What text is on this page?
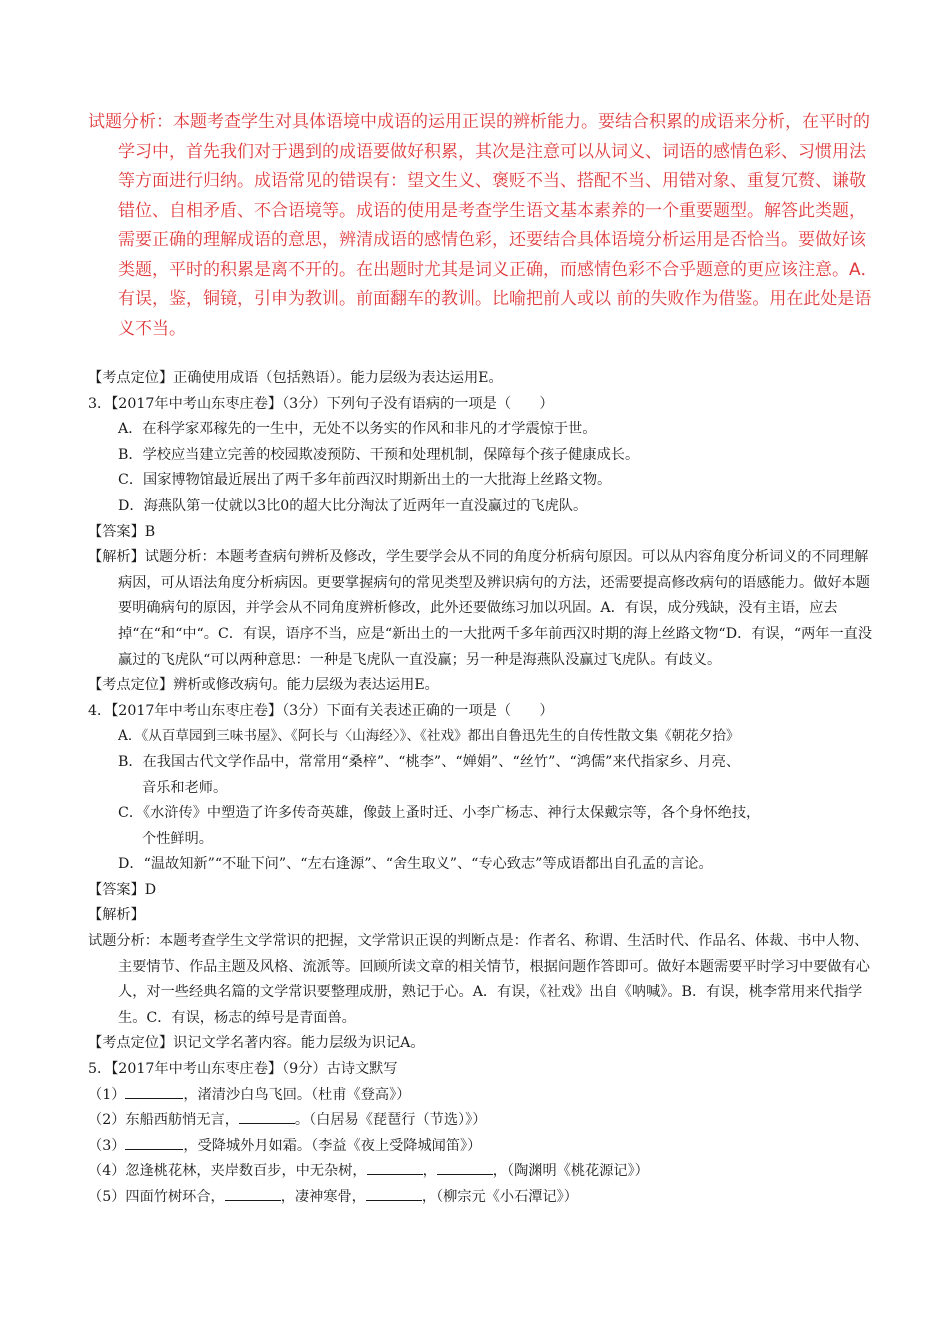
试题分析：本题考查学生对具体语境中成语的运用正误的辨析能力。要结合积累的成语来分析，在平时的学习中，首先我们对于遇到的成语要做好积累，其次是注意可以从词义、词语的感情色彩、习惯用法等方面进行归纳。成语常见的错误有：望文生义、褒贬不当、搭配不当、用错对象、重复冗赘、谦敬错位、自相矛盾、不合语境等。成语的使用是考查学生语文基本素养的一个重要题型。解答此类题，需要正确的理解成语的意思，辨清成语的感情色彩，还要结合具体语境分析运用是否恰当。要做好该类题，平时的积累是离不开的。在出题时尤其是词义正确，而感情色彩不合乎题意的更应该注意。A．有误，鉴，铜镜，引申为教训。前面翻车的教训。比喻把前人或以 前的失败作为借鉴。用在此处是语义不当。

【考点定位】正确使用成语（包括熟语）。能力层级为表达运用E。

3．【2017年中考山东枣庄卷】（3分）下列句子没有语病的一项是（　　）

A．在科学家邓稼先的一生中，无处不以务实的作风和非凡的才学震惊于世。

B．学校应当建立完善的校园欺凌预防、干预和处理机制，保障每个孩子健康成长。

C．国家博物馆最近展出了两千多年前西汉时期新出土的一大批海上丝路文物。

D．海燕队第一仗就以3比0的超大比分淘汰了近两年一直没赢过的飞虎队。

【答案】B

【解析】试题分析：本题考查病句辨析及修改，学生要学会从不同的角度分析病句原因。可以从内容角度分析词义的不同理解病因，可从语法角度分析病因。更要掌握病句的常见类型及辨识病句的方法，还需要提高修改病句的语感能力。做好本题要明确病句的原因，并学会从不同角度辨析修改，此外还要做练习加以巩固。A．有误，成分残缺，没有主语，应去掉“在“和“中“。C．有误，语序不当，应是“新出土的一大批两千多年前西汉时期的海上丝路文物“D．有误，“两年一直没赢过的飞虎队“可以两种意思：一种是飞虎队一直没赢；另一种是海燕队没赢过飞虎队。有歧义。

【考点定位】辨析或修改病句。能力层级为表达运用E。

4．【2017年中考山东枣庄卷】（3分）下面有关表述正确的一项是（　　）

A．《从百草园到三味书屋》、《阿长与〈山海经〉》、《社戏》都出自鲁迅先生的自传性散文集《朝花夕拾》

B．在我国古代文学作品中，常常用“桑梓”、“桃李”、“婵娟”、“丝竹”、“鸿儒”来代指家乡、月亮、

音乐和老师。

C．《水浒传》中塑造了许多传奇英雄，像鼓上蚤时迁、小李广杨志、神行太保戴宗等，各个身怀绝技，

个性鲜明。

D．“温故知新”“不耻下问”、“左右逢源”、“舍生取义”、“专心致志”等成语都出自孔孟的言论。

【答案】D

【解析】

试题分析：本题考查学生文学常识的把握，文学常识正误的判断点是：作者名、称谓、生活时代、作品名、体裁、书中人物、主要情节、作品主题及风格、流派等。回顾所读文章的相关情节，根据问题作答即可。做好本题需要平时学习中要做有心人，对一些经典名篇的文学常识要整理成册，熟记于心。A．有误，《社戏》出自《呐喊》。B．有误，桃李常用来代指学生。C．有误，杨志的绰号是青面兽。

【考点定位】识记文学名著内容。能力层级为识记A。

5．【2017年中考山东枣庄卷】（9分）古诗文默写

（1）	，渚清沙白鸟飞回。（杜甫《登高》）

（2）东船西舫悄无言，	。（白居易《琵琶行（节选）》）

（3）	，受降城外月如霜。（李益《夜上受降城闻笛》）

（4）忽逢桃花林，夹岸数百步，中无杂树，	，	，（陶渊明《桃花源记》）

（5）四面竹树环合，	，凄神寒骨，	，（柳宗元《小石潭记》）
